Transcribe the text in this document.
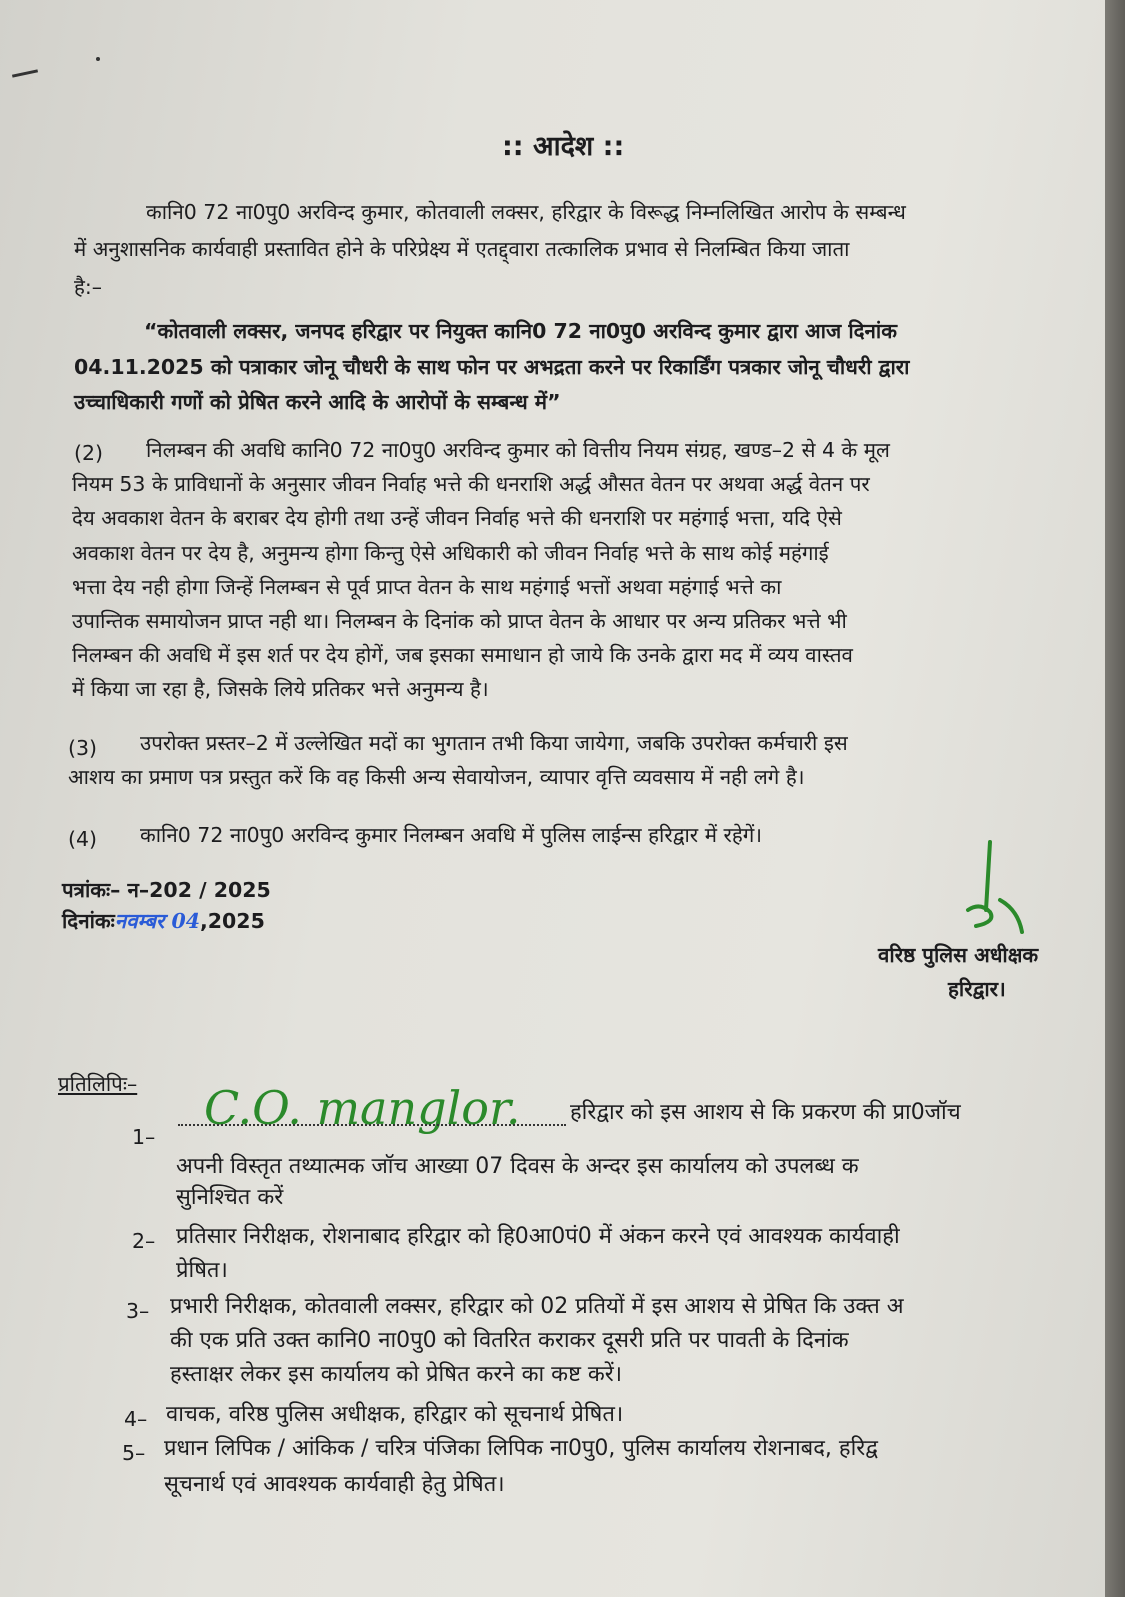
:: आदेश ::
कानि0 72 ना0पु0 अरविन्द कुमार, कोतवाली लक्सर, हरिद्वार के विरूद्ध निम्नलिखित आरोप के सम्बन्ध
में अनुशासनिक कार्यवाही प्रस्तावित होने के परिप्रेक्ष्य में एतद्द्वारा तत्कालिक प्रभाव से निलम्बित किया जाता
है:–
“कोतवाली लक्सर, जनपद हरिद्वार पर नियुक्त कानि0 72 ना0पु0 अरविन्द कुमार द्वारा आज दिनांक
04.11.2025 को पत्राकार जोनू चौधरी के साथ फोन पर अभद्रता करने पर रिकार्डिंग पत्रकार जोनू चौधरी द्वारा
उच्चाधिकारी गणों को प्रेषित करने आदि के आरोपों के सम्बन्ध में”
(2) निलम्बन की अवधि कानि0 72 ना0पु0 अरविन्द कुमार को वित्तीय नियम संग्रह, खण्ड–2 से 4 के मूल
नियम 53 के प्राविधानों के अनुसार जीवन निर्वाह भत्ते की धनराशि अर्द्ध औसत वेतन पर अथवा अर्द्ध वेतन पर
देय अवकाश वेतन के बराबर देय होगी तथा उन्हें जीवन निर्वाह भत्ते की धनराशि पर महंगाई भत्ता, यदि ऐसे
अवकाश वेतन पर देय है, अनुमन्य होगा किन्तु ऐसे अधिकारी को जीवन निर्वाह भत्ते के साथ कोई महंगाई
भत्ता देय नही होगा जिन्हें निलम्बन से पूर्व प्राप्त वेतन के साथ महंगाई भत्तों अथवा महंगाई भत्ते का
उपान्तिक समायोजन प्राप्त नही था। निलम्बन के दिनांक को प्राप्त वेतन के आधार पर अन्य प्रतिकर भत्ते भी
निलम्बन की अवधि में इस शर्त पर देय होगें, जब इसका समाधान हो जाये कि उनके द्वारा मद में व्यय वास्तव
में किया जा रहा है, जिसके लिये प्रतिकर भत्ते अनुमन्य है।
(3) उपरोक्त प्रस्तर–2 में उल्लेखित मदों का भुगतान तभी किया जायेगा, जबकि उपरोक्त कर्मचारी इस
आशय का प्रमाण पत्र प्रस्तुत करें कि वह किसी अन्य सेवायोजन, व्यापार वृत्ति व्यवसाय में नही लगे है।
(4) कानि0 72 ना0पु0 अरविन्द कुमार निलम्बन अवधि में पुलिस लाईन्स हरिद्वार में रहेगें।
पत्रांकः– न–202 / 2025
दिनांकःनवम्बर 04,2025
वरिष्ठ पुलिस अधीक्षक
हरिद्वार।
प्रतिलिपिः– C.O. manglor.
1–
हरिद्वार को इस आशय से कि प्रकरण की प्रा0जॉच
अपनी विस्तृत तथ्यात्मक जॉच आख्या 07 दिवस के अन्दर इस कार्यालय को उपलब्ध क
सुनिश्चित करें
2– प्रतिसार निरीक्षक, रोशनाबाद हरिद्वार को हि0आ0पं0 में अंकन करने एवं आवश्यक कार्यवाही
प्रेषित।
3– प्रभारी निरीक्षक, कोतवाली लक्सर, हरिद्वार को 02 प्रतियों में इस आशय से प्रेषित कि उक्त अ
की एक प्रति उक्त कानि0 ना0पु0 को वितरित कराकर दूसरी प्रति पर पावती के दिनांक
हस्ताक्षर लेकर इस कार्यालय को प्रेषित करने का कष्ट करें।
4– वाचक, वरिष्ठ पुलिस अधीक्षक, हरिद्वार को सूचनार्थ प्रेषित।
5– प्रधान लिपिक / आंकिक / चरित्र पंजिका लिपिक ना0पु0, पुलिस कार्यालय रोशनाबद, हरिद्व
सूचनार्थ एवं आवश्यक कार्यवाही हेतु प्रेषित।
